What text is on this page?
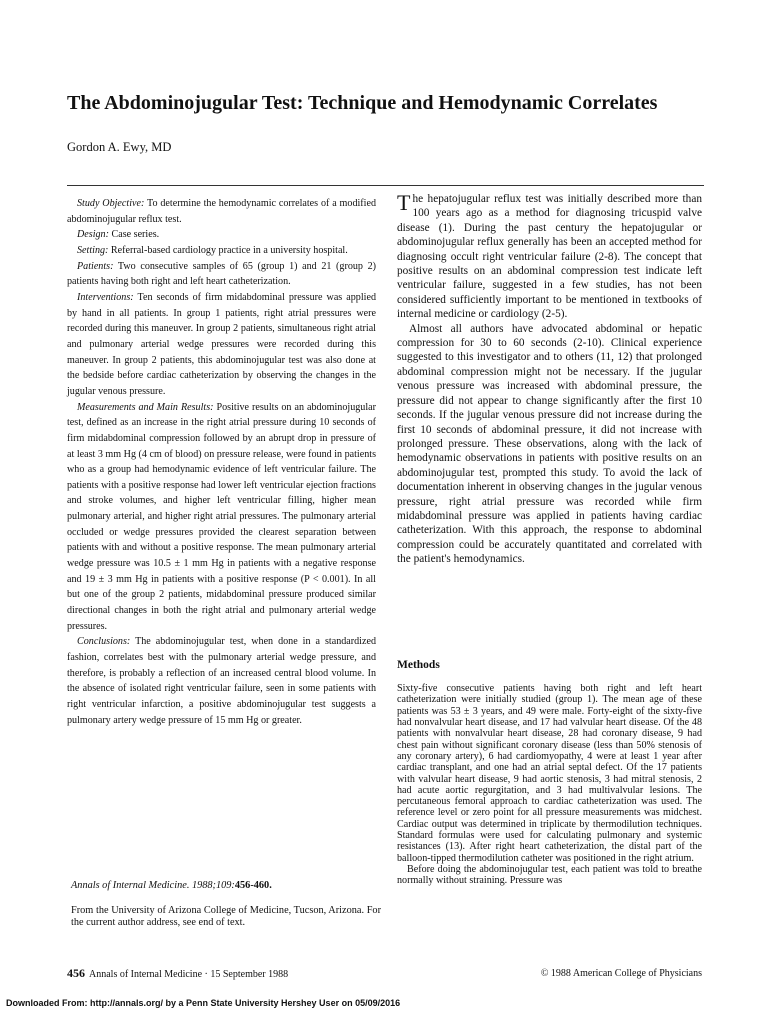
The Abdominojugular Test: Technique and Hemodynamic Correlates
Gordon A. Ewy, MD

Study Objective: To determine the hemodynamic correlates of a modified abdominojugular reflux test.

Design: Case series.

Setting: Referral-based cardiology practice in a university hospital.

Patients: Two consecutive samples of 65 (group 1) and 21 (group 2) patients having both right and left heart catheterization.

Interventions: Ten seconds of firm midabdominal pressure was applied by hand in all patients. In group 1 patients, right atrial pressures were recorded during this maneuver. In group 2 patients, simultaneous right atrial and pulmonary arterial wedge pressures were recorded during this maneuver. In group 2 patients, this abdominojugular test was also done at the bedside before cardiac catheterization by observing the changes in the jugular venous pressure.

Measurements and Main Results: Positive results on an abdominojugular test, defined as an increase in the right atrial pressure during 10 seconds of firm midabdominal compression followed by an abrupt drop in pressure of at least 3 mm Hg (4 cm of blood) on pressure release, were found in patients who as a group had hemodynamic evidence of left ventricular failure. The patients with a positive response had lower left ventricular ejection fractions and stroke volumes, and higher left ventricular filling, higher mean pulmonary arterial, and higher right atrial pressures. The pulmonary arterial occluded or wedge pressures provided the clearest separation between patients with and without a positive response. The mean pulmonary arterial wedge pressure was 10.5 ± 1 mm Hg in patients with a negative response and 19 ± 3 mm Hg in patients with a positive response (P < 0.001). In all but one of the group 2 patients, midabdominal pressure produced similar directional changes in both the right atrial and pulmonary arterial wedge pressures.

Conclusions: The abdominojugular test, when done in a standardized fashion, correlates best with the pulmonary arterial wedge pressure, and therefore, is probably a reflection of an increased central blood volume. In the absence of isolated right ventricular failure, seen in some patients with right ventricular infarction, a positive abdominojugular test suggests a pulmonary artery wedge pressure of 15 mm Hg or greater.

Annals of Internal Medicine. 1988;109:456-460.
From the University of Arizona College of Medicine, Tucson, Arizona. For the current author address, see end of text.

The hepatojugular reflux test was initially described more than 100 years ago as a method for diagnosing tricuspid valve disease (1). During the past century the hepatojugular or abdominojugular reflux generally has been an accepted method for diagnosing occult right ventricular failure (2-8). The concept that positive results on an abdominal compression test indicate left ventricular failure, suggested in a few studies, has not been considered sufficiently important to be mentioned in textbooks of internal medicine or cardiology (2-5).

Almost all authors have advocated abdominal or hepatic compression for 30 to 60 seconds (2-10). Clinical experience suggested to this investigator and to others (11, 12) that prolonged abdominal compression might not be necessary. If the jugular venous pressure was increased with abdominal pressure, the pressure did not appear to change significantly after the first 10 seconds. If the jugular venous pressure did not increase during the first 10 seconds of abdominal pressure, it did not increase with prolonged pressure. These observations, along with the lack of hemodynamic observations in patients with positive results on an abdominojugular test, prompted this study. To avoid the lack of documentation inherent in observing changes in the jugular venous pressure, right atrial pressure was recorded while firm midabdominal pressure was applied in patients having cardiac catheterization. With this approach, the response to abdominal compression could be accurately quantitated and correlated with the patient's hemodynamics.

Methods

Sixty-five consecutive patients having both right and left heart catheterization were initially studied (group 1). The mean age of these patients was 53 ± 3 years, and 49 were male. Forty-eight of the sixty-five had nonvalvular heart disease, and 17 had valvular heart disease. Of the 48 patients with nonvalvular heart disease, 28 had coronary disease, 9 had chest pain without significant coronary disease (less than 50% stenosis of any coronary artery), 6 had cardiomyopathy, 4 were at least 1 year after cardiac transplant, and one had an atrial septal defect. Of the 17 patients with valvular heart disease, 9 had aortic stenosis, 3 had mitral stenosis, 2 had acute aortic regurgitation, and 3 had multivalvular lesions. The percutaneous femoral approach to cardiac catheterization was used. The reference level or zero point for all pressure measurements was midchest. Cardiac output was determined in triplicate by thermodilution techniques. Standard formulas were used for calculating pulmonary and systemic resistances (13). After right heart catheterization, the distal part of the balloon-tipped thermodilution catheter was positioned in the right atrium.

Before doing the abdominojugular test, each patient was told to breathe normally without straining. Pressure was

456 Annals of Internal Medicine · 15 September 1988	© 1988 American College of Physicians
Downloaded From: http://annals.org/ by a Penn State University Hershey User on 05/09/2016
